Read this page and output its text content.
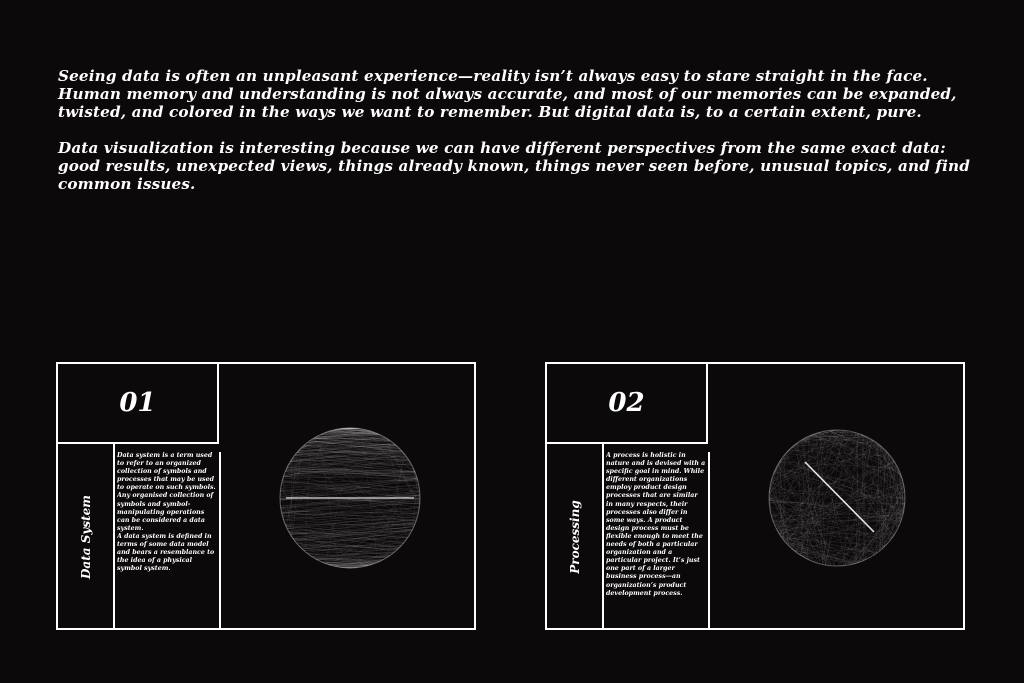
Seeing data is often an unpleasant experience—reality isn’t always easy to stare straight in the face. Human memory and understanding is not always accurate, and most of our memories can be expanded, twisted, and colored in the ways we want to remember. But digital data is, to a certain extent, pure.

Data visualization is interesting because we can have different perspectives from the same exact data: good results, unexpected views, things already known, things never seen before, unusual topics, and find common issues.

01
Data System
Data system is a term used to refer to an organized collection of symbols and processes that may be used to operate on such symbols.
Any organised collection of symbols and symbol-manipulating operations can be considered a data system.
A data system is defined in terms of some data model and bears a resemblance to the idea of a physical symbol system.
02
Processing
A process is holistic in nature and is devised with a specific goal in mind. While different organizations employ product design processes that are similar in many respects, their processes also differ in some ways. A product design process must be flexible enough to meet the needs of both a particular organization and a particular project. It’s just one part of a larger business process—an organization’s product development process.
